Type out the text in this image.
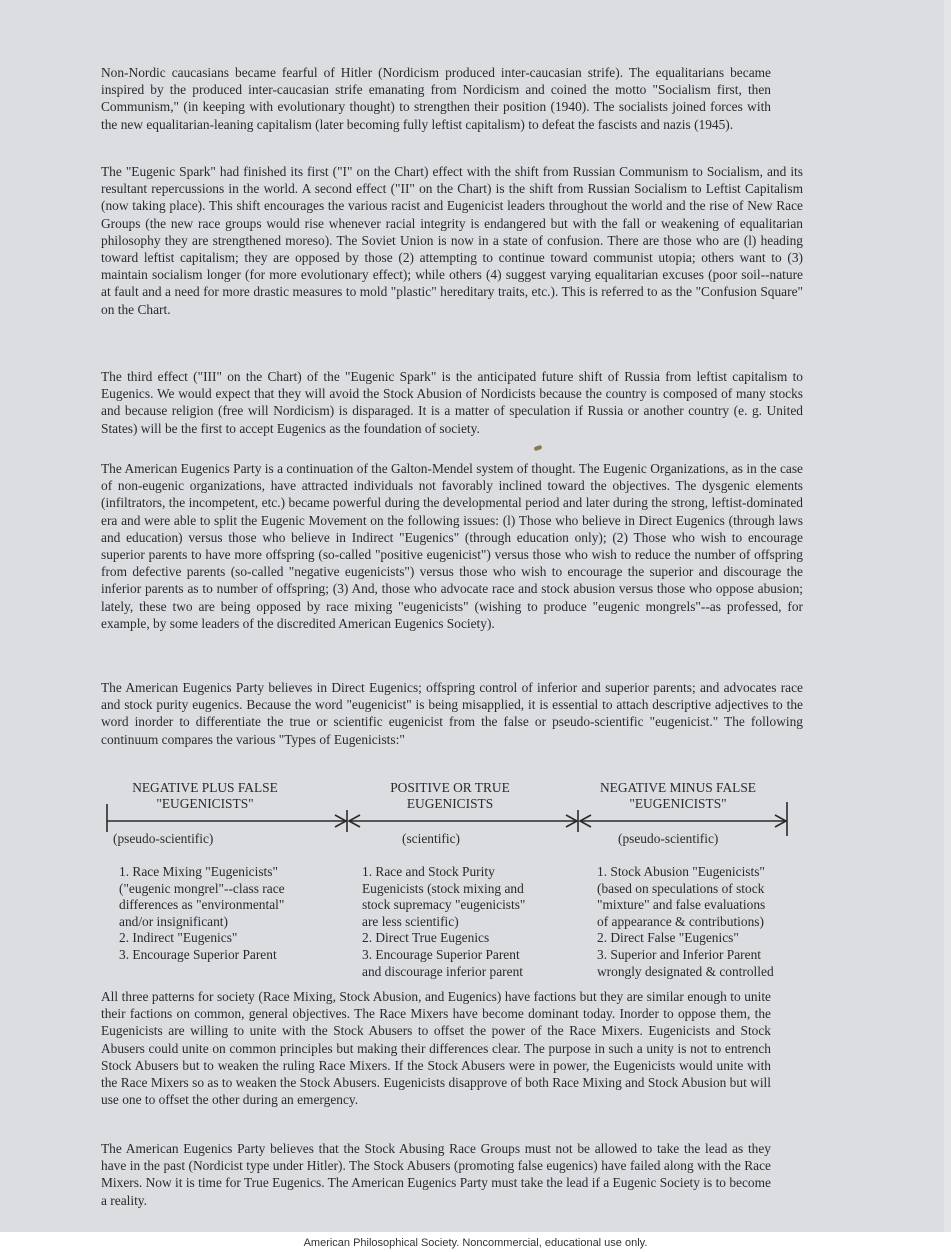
Non-Nordic caucasians became fearful of Hitler (Nordicism produced inter-caucasian strife). The equalitarians became inspired by the produced inter-caucasian strife emanating from Nordicism and coined the motto "Socialism first, then Communism," (in keeping with evolutionary thought) to strengthen their position (1940). The socialists joined forces with the new equalitarian-leaning capitalism (later becoming fully leftist capitalism) to defeat the fascists and nazis (1945).

The "Eugenic Spark" had finished its first ("I" on the Chart) effect with the shift from Russian Communism to Socialism, and its resultant repercussions in the world. A second effect ("II" on the Chart) is the shift from Russian Socialism to Leftist Capitalism (now taking place). This shift encourages the various racist and Eugenicist leaders throughout the world and the rise of New Race Groups (the new race groups would rise whenever racial integrity is endangered but with the fall or weakening of equalitarian philosophy they are strengthened moreso). The Soviet Union is now in a state of confusion. There are those who are (l) heading toward leftist capitalism; they are opposed by those (2) attempting to continue toward communist utopia; others want to (3) maintain socialism longer (for more evolutionary effect); while others (4) suggest varying equalitarian excuses (poor soil--nature at fault and a need for more drastic measures to mold "plastic" hereditary traits, etc.). This is referred to as the "Confusion Square" on the Chart.

The third effect ("III" on the Chart) of the "Eugenic Spark" is the anticipated future shift of Russia from leftist capitalism to Eugenics. We would expect that they will avoid the Stock Abusion of Nordicists because the country is composed of many stocks and because religion (free will Nordicism) is disparaged. It is a matter of speculation if Russia or another country (e. g. United States) will be the first to accept Eugenics as the foundation of society.

The American Eugenics Party is a continuation of the Galton-Mendel system of thought. The Eugenic Organizations, as in the case of non-eugenic organizations, have attracted individuals not favorably inclined toward the objectives. The dysgenic elements (infiltrators, the incompetent, etc.) became powerful during the developmental period and later during the strong, leftist-dominated era and were able to split the Eugenic Movement on the following issues: (l) Those who believe in Direct Eugenics (through laws and education) versus those who believe in Indirect "Eugenics" (through education only); (2) Those who wish to encourage superior parents to have more offspring (so-called "positive eugenicist") versus those who wish to reduce the number of offspring from defective parents (so-called "negative eugenicists") versus those who wish to encourage the superior and discourage the inferior parents as to number of offspring; (3) And, those who advocate race and stock abusion versus those who oppose abusion; lately, these two are being opposed by race mixing "eugenicists" (wishing to produce "eugenic mongrels"--as professed, for example, by some leaders of the discredited American Eugenics Society).

The American Eugenics Party believes in Direct Eugenics; offspring control of inferior and superior parents; and advocates race and stock purity eugenics. Because the word "eugenicist" is being misapplied, it is essential to attach descriptive adjectives to the word inorder to differentiate the true or scientific eugenicist from the false or pseudo-scientific "eugenicist." The following continuum compares the various "Types of Eugenicists:"

NEGATIVE PLUS FALSE
"EUGENICISTS"

POSITIVE OR TRUE
EUGENICISTS

NEGATIVE MINUS FALSE
"EUGENICISTS"

(pseudo-scientific)	(scientific)	(pseudo-scientific)

1. Race Mixing "Eugenicists"
("eugenic mongrel"--class race
differences as "environmental"
and/or insignificant)
2. Indirect "Eugenics"
3. Encourage Superior Parent
1. Race and Stock Purity
Eugenicists (stock mixing and
stock supremacy "eugenicists"
are less scientific)
2. Direct True Eugenics
3. Encourage Superior Parent
and discourage inferior parent
1. Stock Abusion "Eugenicists"
(based on speculations of stock
"mixture" and false evaluations
of appearance & contributions)
2. Direct False "Eugenics"
3. Superior and Inferior Parent
wrongly designated & controlled

All three patterns for society (Race Mixing, Stock Abusion, and Eugenics) have factions but they are similar enough to unite their factions on common, general objectives. The Race Mixers have become dominant today. Inorder to oppose them, the Eugenicists are willing to unite with the Stock Abusers to offset the power of the Race Mixers. Eugenicists and Stock Abusers could unite on common principles but making their differences clear. The purpose in such a unity is not to entrench Stock Abusers but to weaken the ruling Race Mixers. If the Stock Abusers were in power, the Eugenicists would unite with the Race Mixers so as to weaken the Stock Abusers. Eugenicists disapprove of both Race Mixing and Stock Abusion but will use one to offset the other during an emergency.

The American Eugenics Party believes that the Stock Abusing Race Groups must not be allowed to take the lead as they have in the past (Nordicist type under Hitler). The Stock Abusers (promoting false eugenics) have failed along with the Race Mixers. Now it is time for True Eugenics. The American Eugenics Party must take the lead if a Eugenic Society is to become a reality.

American Philosophical Society. Noncommercial, educational use only.
